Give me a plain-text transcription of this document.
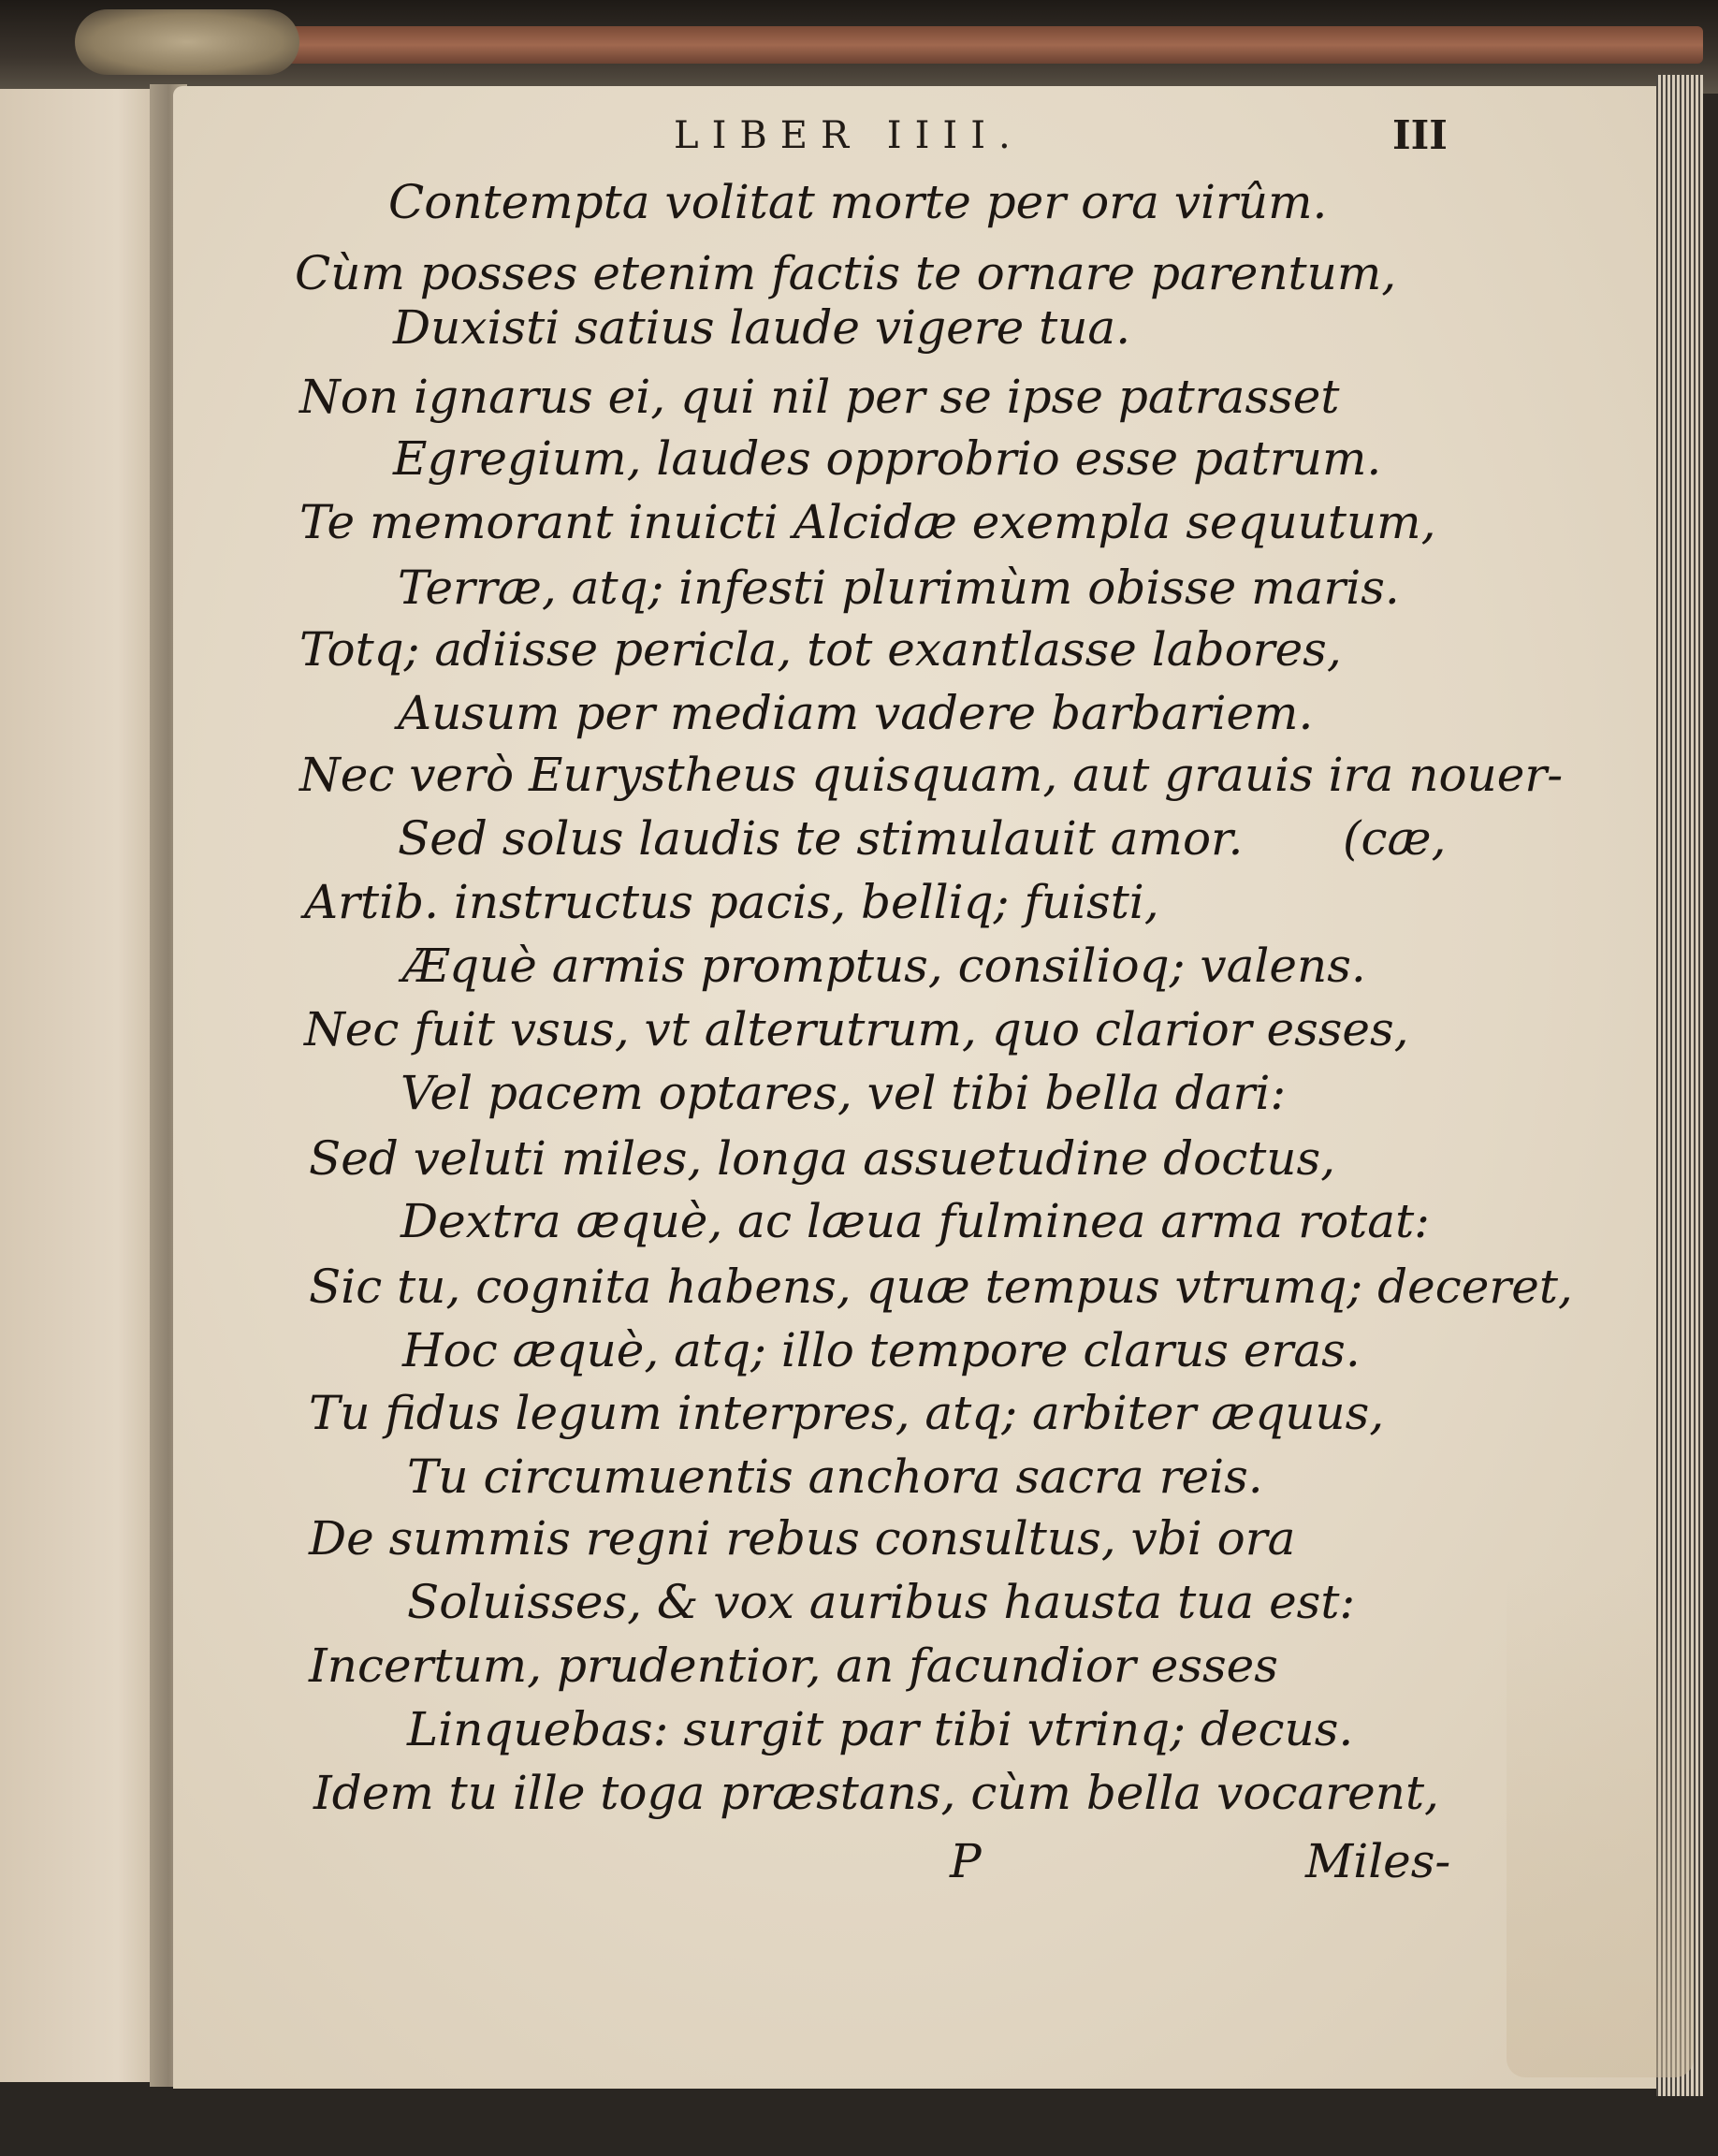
LIBER IIII.	III
Contempta volitat morte per ora virûm.
Cùm posses etenim factis te ornare parentum,
Duxisti satius laude vigere tua.
Non ignarus ei, qui nil per se ipse patrasset
Egregium, laudes opprobrio esse patrum.
Te memorant inuicti Alcidæ exempla sequutum,
Terræ, atq; infesti plurimùm obisse maris.
Totq; adiisse pericla, tot exantlasse labores,
Ausum per mediam vadere barbariem.
Nec verò Eurystheus quisquam, aut grauis ira nouer-
Sed solus laudis te stimulauit amor. (cæ,
Artib. instructus pacis, belliq; fuisti,
Æquè armis promptus, consilioq; valens.
Nec fuit vsus, vt alterutrum, quo clarior esses,
Vel pacem optares, vel tibi bella dari:
Sed veluti miles, longa assuetudine doctus,
Dextra æquè, ac læua fulminea arma rotat:
Sic tu, cognita habens, quæ tempus vtrumq; deceret,
Hoc æquè, atq; illo tempore clarus eras.
Tu fidus legum interpres, atq; arbiter æquus,
Tu circumuentis anchora sacra reis.
De summis regni rebus consultus, vbi ora
Soluisses, & vox auribus hausta tua est:
Incertum, prudentior, an facundior esses
Linquebas: surgit par tibi vtrinq; decus.
Idem tu ille toga præstans, cùm bella vocarent,
P	Miles-
